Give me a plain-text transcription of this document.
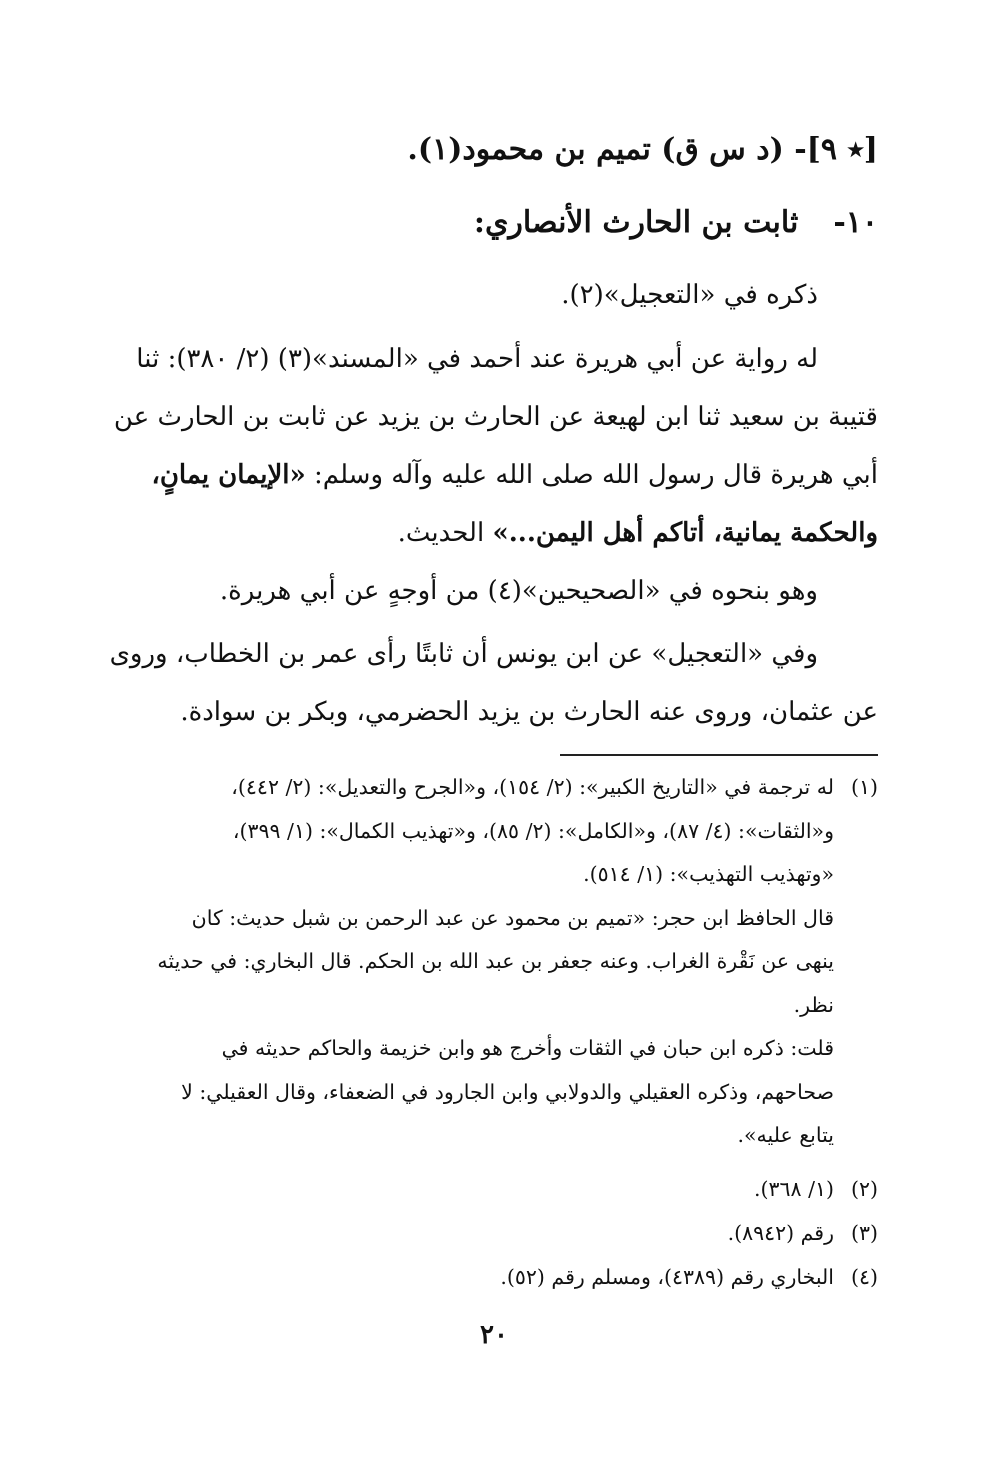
[٭ ٩]- (د س ق) تميم بن محمود(١).
١٠-  ثابت بن الحارث الأنصاري:
ذكره في «التعجيل»(٢).
له رواية عن أبي هريرة عند أحمد في «المسند»(٣) (٢/ ٣٨٠): ثنا
قتيبة بن سعيد ثنا ابن لهيعة عن الحارث بن يزيد عن ثابت بن الحارث عن
أبي هريرة قال رسول الله صلى الله عليه وآله وسلم: «الإيمان يمانٍ،
والحكمة يمانية، أتاكم أهل اليمن...» الحديث.
وهو بنحوه في «الصحيحين»(٤) من أوجهٍ عن أبي هريرة.
وفي «التعجيل» عن ابن يونس أن ثابتًا رأى عمر بن الخطاب، وروى
عن عثمان، وروى عنه الحارث بن يزيد الحضرمي، وبكر بن سوادة.
(١)له ترجمة في «التاريخ الكبير»: (٢/ ١٥٤)، و«الجرح والتعديل»: (٢/ ٤٤٢)،
و«الثقات»: (٤/ ٨٧)، و«الكامل»: (٢/ ٨٥)، و«تهذيب الكمال»: (١/ ٣٩٩)،
«وتهذيب التهذيب»: (١/ ٥١٤).
قال الحافظ ابن حجر: «تميم بن محمود عن عبد الرحمن بن شبل حديث: كان
ينهى عن نَقْرة الغراب. وعنه جعفر بن عبد الله بن الحكم. قال البخاري: في حديثه
نظر.
قلت: ذكره ابن حبان في الثقات وأخرج هو وابن خزيمة والحاكم حديثه في
صحاحهم، وذكره العقيلي والدولابي وابن الجارود في الضعفاء، وقال العقيلي: لا
يتابع عليه».
(٢)(١/ ٣٦٨).
(٣)رقم (٨٩٤٢).
(٤)البخاري رقم (٤٣٨٩)، ومسلم رقم (٥٢).
٢٠
